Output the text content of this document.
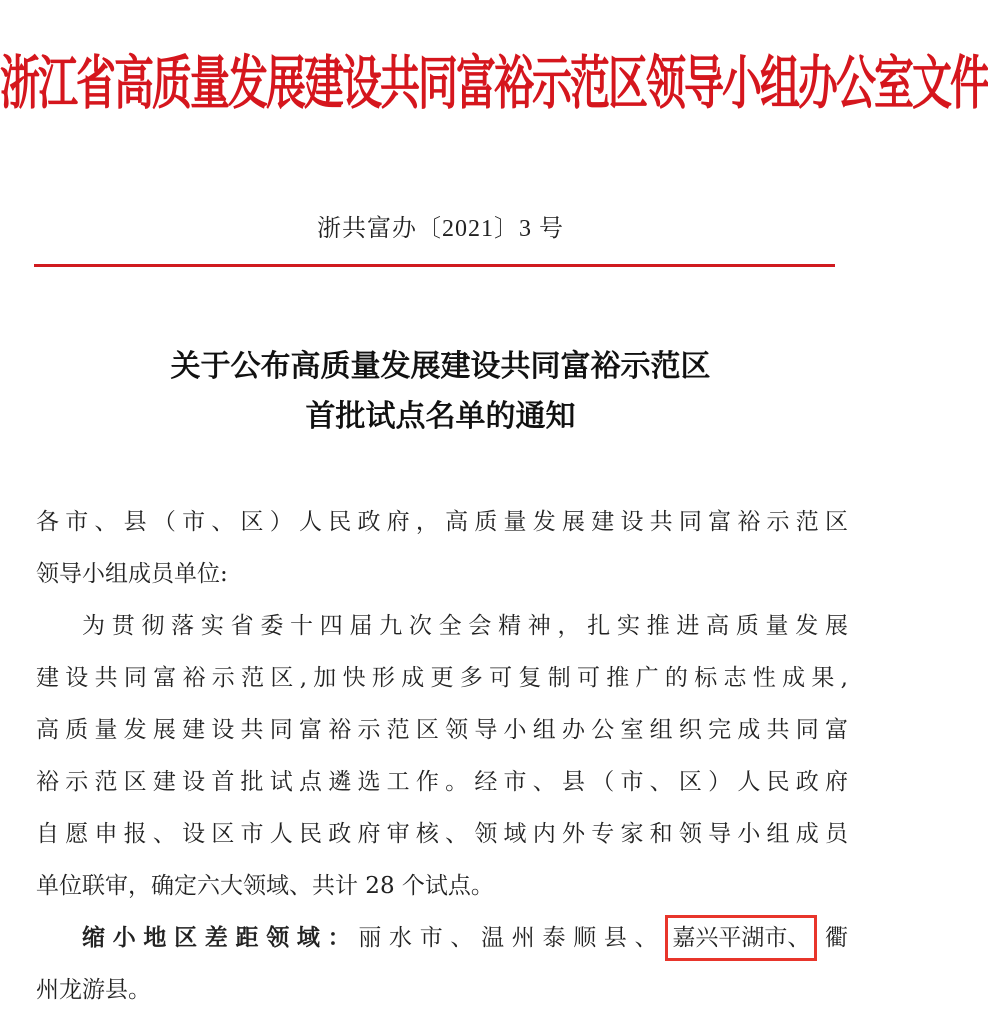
浙江省高质量发展建设共同富裕示范区领导小组办公室文件
浙共富办〔2021〕3 号
关于公布高质量发展建设共同富裕示范区
首批试点名单的通知
各市、县（市、区）人民政府，高质量发展建设共同富裕示范区
领导小组成员单位:
为贯彻落实省委十四届九次全会精神，扎实推进高质量发展
建设共同富裕示范区,加快形成更多可复制可推广的标志性成果,
高质量发展建设共同富裕示范区领导小组办公室组织完成共同富
裕示范区建设首批试点遴选工作。经市、县（市、区）人民政府
自愿申报、设区市人民政府审核、领域内外专家和领导小组成员
单位联审，确定六大领域、共计 28 个试点。
缩小地区差距领域：丽水市、温州泰顺县、 嘉兴平湖市、 衢
州龙游县。
